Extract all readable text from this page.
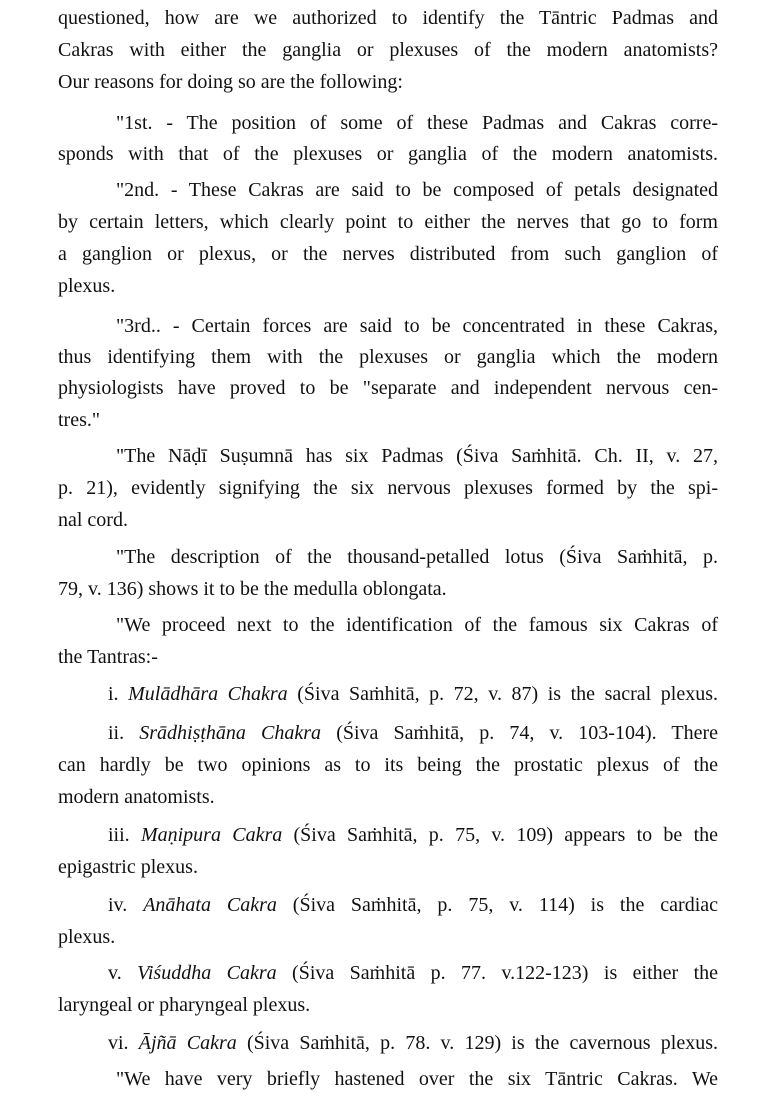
questioned, how are we authorized to identify the Tāntric Padmas and
Cakras with either the ganglia or plexuses of the modern anatomists?
Our reasons for doing so are the following:
"1st. - The position of some of these Padmas and Cakras corre-
sponds with that of the plexuses or ganglia of the modern anatomists.
"2nd. - These Cakras are said to be composed of petals designated
by certain letters, which clearly point to either the nerves that go to form
a ganglion or plexus, or the nerves distributed from such ganglion of
plexus.
"3rd.. - Certain forces are said to be concentrated in these Cakras,
thus identifying them with the plexuses or ganglia which the modern
physiologists have proved to be "separate and independent nervous cen-
tres."
"The Nāḍī Suṣumnā has six Padmas (Śiva Saṁhitā. Ch. II, v. 27,
p. 21), evidently signifying the six nervous plexuses formed by the spi-
nal cord.
"The description of the thousand-petalled lotus (Śiva Saṁhitā, p.
79, v. 136) shows it to be the medulla oblongata.
"We proceed next to the identification of the famous six Cakras of
the Tantras:-
i. Mulādhāra Chakra (Śiva Saṁhitā, p. 72, v. 87) is the sacral plexus.
ii. Srādhiṣṭhāna Chakra (Śiva Saṁhitā, p. 74, v. 103-104). There
can hardly be two opinions as to its being the prostatic plexus of the
modern anatomists.
iii. Maṇipura Cakra (Śiva Saṁhitā, p. 75, v. 109) appears to be the
epigastric plexus.
iv. Anāhata Cakra (Śiva Saṁhitā, p. 75, v. 114) is the cardiac
plexus.
v. Viśuddha Cakra (Śiva Saṁhitā p. 77. v.122-123) is either the
laryngeal or pharyngeal plexus.
vi. Ājñā Cakra (Śiva Saṁhitā, p. 78. v. 129) is the cavernous plexus.
"We have very briefly hastened over the six Tāntric Cakras. We
